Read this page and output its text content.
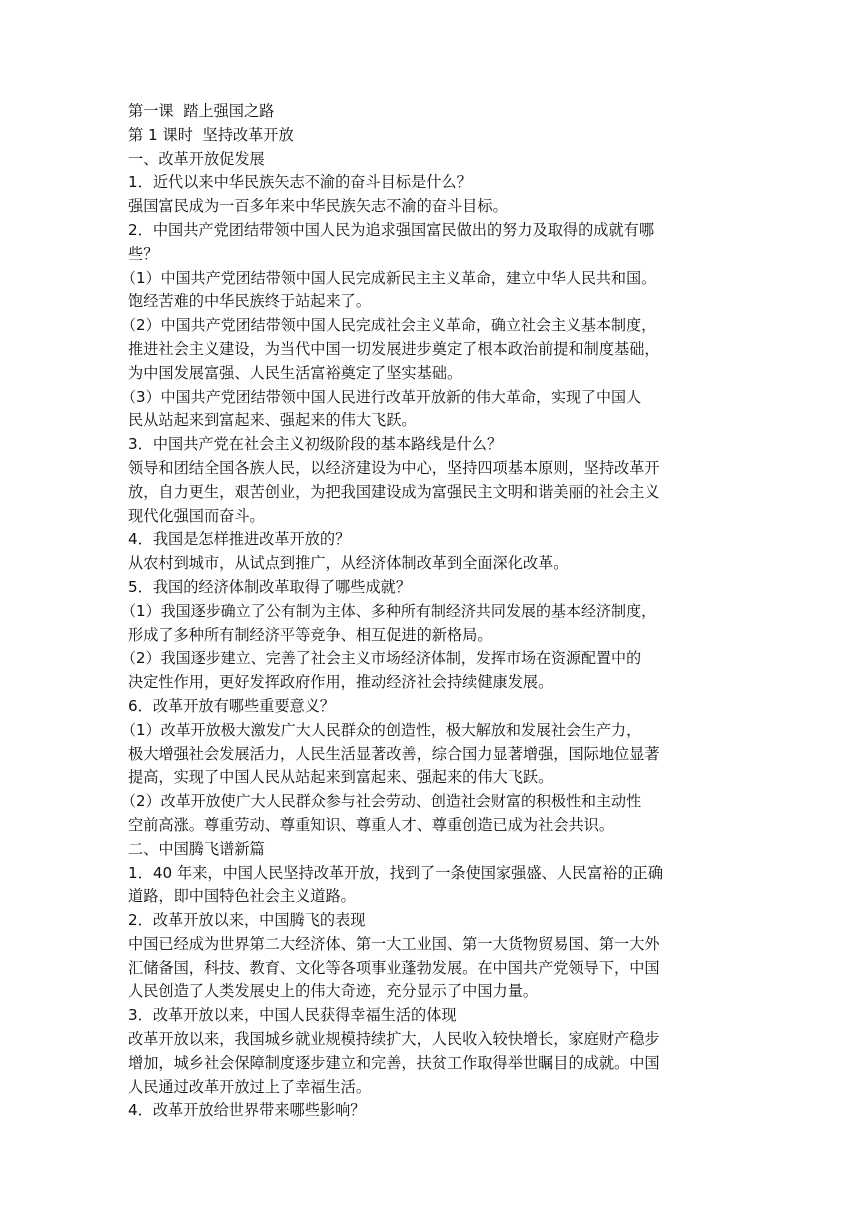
第一课  踏上强国之路
第 1 课时  坚持改革开放
一、改革开放促发展
1．近代以来中华民族矢志不渝的奋斗目标是什么？
强国富民成为一百多年来中华民族矢志不渝的奋斗目标。
2．中国共产党团结带领中国人民为追求强国富民做出的努力及取得的成就有哪
些？
（1）中国共产党团结带领中国人民完成新民主主义革命，建立中华人民共和国。
饱经苦难的中华民族终于站起来了。
（2）中国共产党团结带领中国人民完成社会主义革命，确立社会主义基本制度，
推进社会主义建设，为当代中国一切发展进步奠定了根本政治前提和制度基础，
为中国发展富强、人民生活富裕奠定了坚实基础。
（3）中国共产党团结带领中国人民进行改革开放新的伟大革命，实现了中国人
民从站起来到富起来、强起来的伟大飞跃。
3．中国共产党在社会主义初级阶段的基本路线是什么？
领导和团结全国各族人民，以经济建设为中心，坚持四项基本原则，坚持改革开
放，自力更生，艰苦创业，为把我国建设成为富强民主文明和谐美丽的社会主义
现代化强国而奋斗。
4．我国是怎样推进改革开放的？
从农村到城市，从试点到推广，从经济体制改革到全面深化改革。
5．我国的经济体制改革取得了哪些成就？
（1）我国逐步确立了公有制为主体、多种所有制经济共同发展的基本经济制度，
形成了多种所有制经济平等竞争、相互促进的新格局。
（2）我国逐步建立、完善了社会主义市场经济体制，发挥市场在资源配置中的
决定性作用，更好发挥政府作用，推动经济社会持续健康发展。
6．改革开放有哪些重要意义？
（1）改革开放极大激发广大人民群众的创造性，极大解放和发展社会生产力，
极大增强社会发展活力，人民生活显著改善，综合国力显著增强，国际地位显著
提高，实现了中国人民从站起来到富起来、强起来的伟大飞跃。
（2）改革开放使广大人民群众参与社会劳动、创造社会财富的积极性和主动性
空前高涨。尊重劳动、尊重知识、尊重人才、尊重创造已成为社会共识。
二、中国腾飞谱新篇
1．40 年来，中国人民坚持改革开放，找到了一条使国家强盛、人民富裕的正确
道路，即中国特色社会主义道路。
2．改革开放以来，中国腾飞的表现
中国已经成为世界第二大经济体、第一大工业国、第一大货物贸易国、第一大外
汇储备国，科技、教育、文化等各项事业蓬勃发展。在中国共产党领导下，中国
人民创造了人类发展史上的伟大奇迹，充分显示了中国力量。
3．改革开放以来，中国人民获得幸福生活的体现
改革开放以来，我国城乡就业规模持续扩大，人民收入较快增长，家庭财产稳步
增加，城乡社会保障制度逐步建立和完善，扶贫工作取得举世瞩目的成就。中国
人民通过改革开放过上了幸福生活。
4．改革开放给世界带来哪些影响？
